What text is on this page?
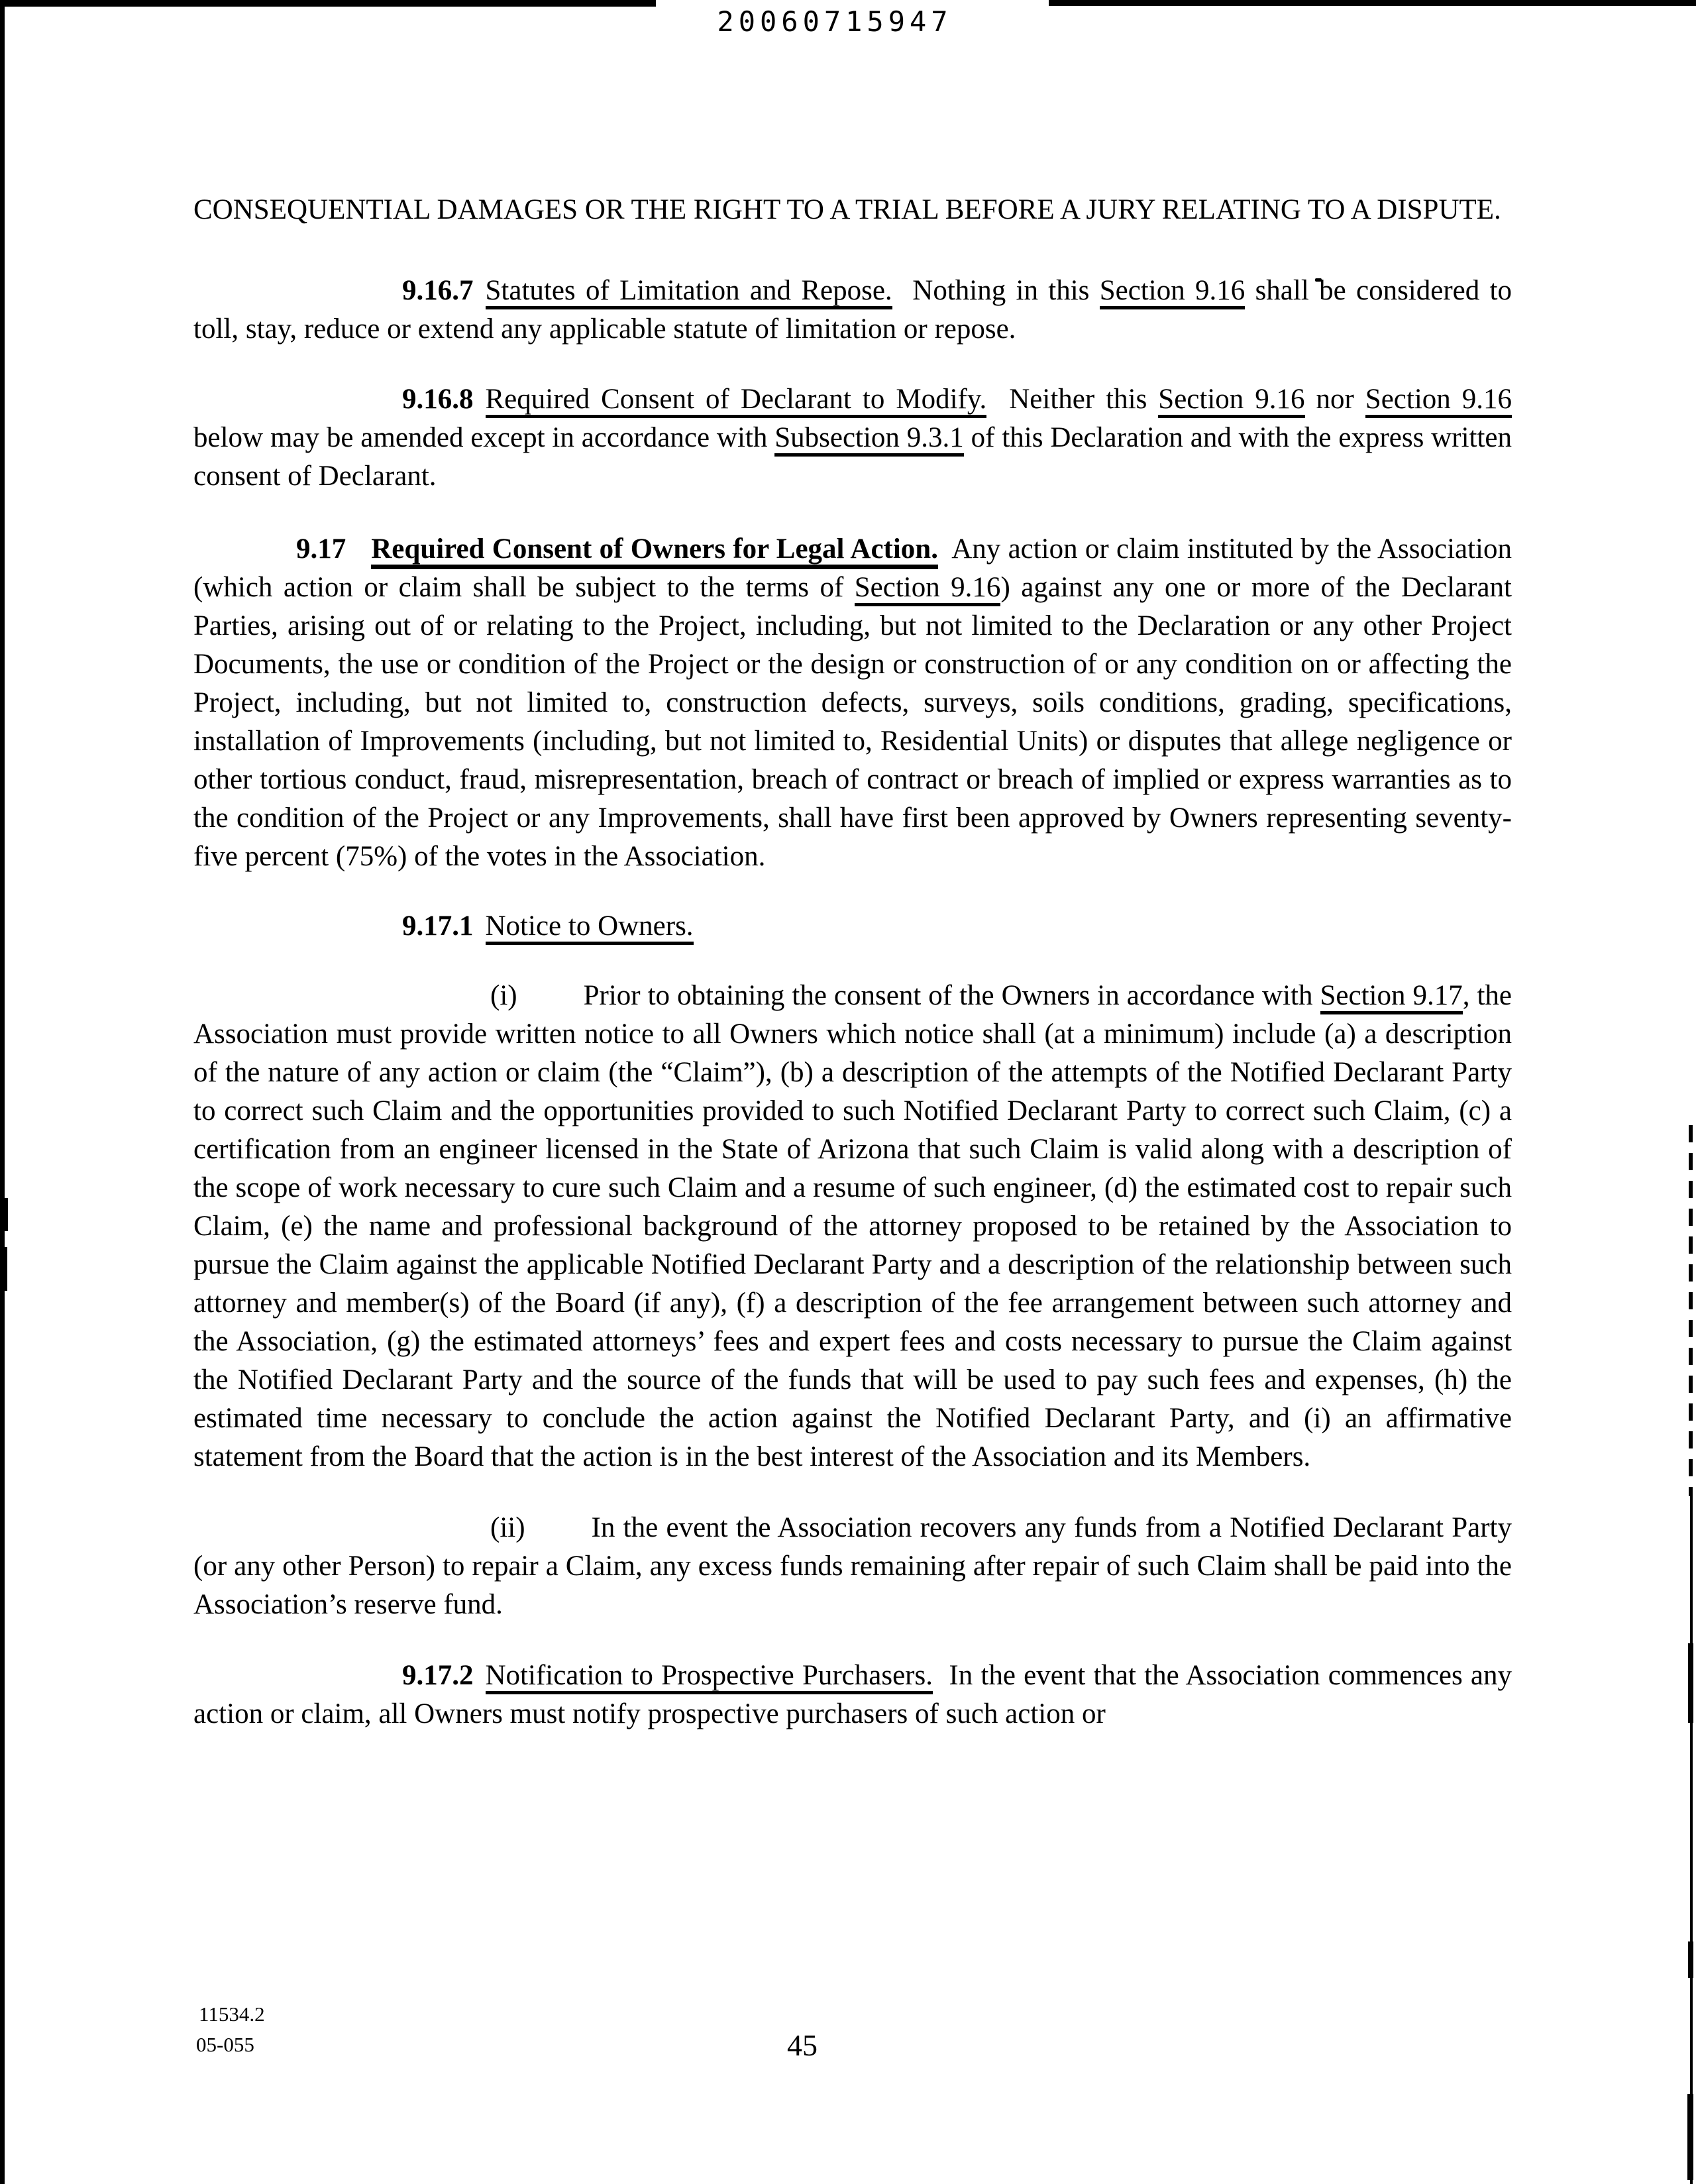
20060715947

CONSEQUENTIAL DAMAGES OR THE RIGHT TO A TRIAL BEFORE A JURY RELATING TO A DISPUTE.

9.16.7 Statutes of Limitation and Repose.  Nothing in this Section 9.16 shall be considered to toll, stay, reduce or extend any applicable statute of limitation or repose.

9.16.8 Required Consent of Declarant to Modify.  Neither this Section 9.16 nor Section 9.16 below may be amended except in accordance with Subsection 9.3.1 of this Declaration and with the express written consent of Declarant.

9.17 Required Consent of Owners for Legal Action.  Any action or claim instituted by the Association (which action or claim shall be subject to the terms of Section 9.16) against any one or more of the Declarant Parties, arising out of or relating to the Project, including, but not limited to the Declaration or any other Project Documents, the use or condition of the Project or the design or construction of or any condition on or affecting the Project, including, but not limited to, construction defects, surveys, soils conditions, grading, specifications, installation of Improvements (including, but not limited to, Residential Units) or disputes that allege negligence or other tortious conduct, fraud, misrepresentation, breach of contract or breach of implied or express warranties as to the condition of the Project or any Improvements, shall have first been approved by Owners representing seventy-five percent (75%) of the votes in the Association.

9.17.1 Notice to Owners.

(i) Prior to obtaining the consent of the Owners in accordance with Section 9.17, the Association must provide written notice to all Owners which notice shall (at a minimum) include (a) a description of the nature of any action or claim (the “Claim”), (b) a description of the attempts of the Notified Declarant Party to correct such Claim and the opportunities provided to such Notified Declarant Party to correct such Claim, (c) a certification from an engineer licensed in the State of Arizona that such Claim is valid along with a description of the scope of work necessary to cure such Claim and a resume of such engineer, (d) the estimated cost to repair such Claim, (e) the name and professional background of the attorney proposed to be retained by the Association to pursue the Claim against the applicable Notified Declarant Party and a description of the relationship between such attorney and member(s) of the Board (if any), (f) a description of the fee arrangement between such attorney and the Association, (g) the estimated attorneys’ fees and expert fees and costs necessary to pursue the Claim against the Notified Declarant Party and the source of the funds that will be used to pay such fees and expenses, (h) the estimated time necessary to conclude the action against the Notified Declarant Party, and (i) an affirmative statement from the Board that the action is in the best interest of the Association and its Members.

(ii) In the event the Association recovers any funds from a Notified Declarant Party (or any other Person) to repair a Claim, any excess funds remaining after repair of such Claim shall be paid into the Association’s reserve fund.

9.17.2 Notification to Prospective Purchasers.  In the event that the Association commences any action or claim, all Owners must notify prospective purchasers of such action or

11534.2
05-055	45
